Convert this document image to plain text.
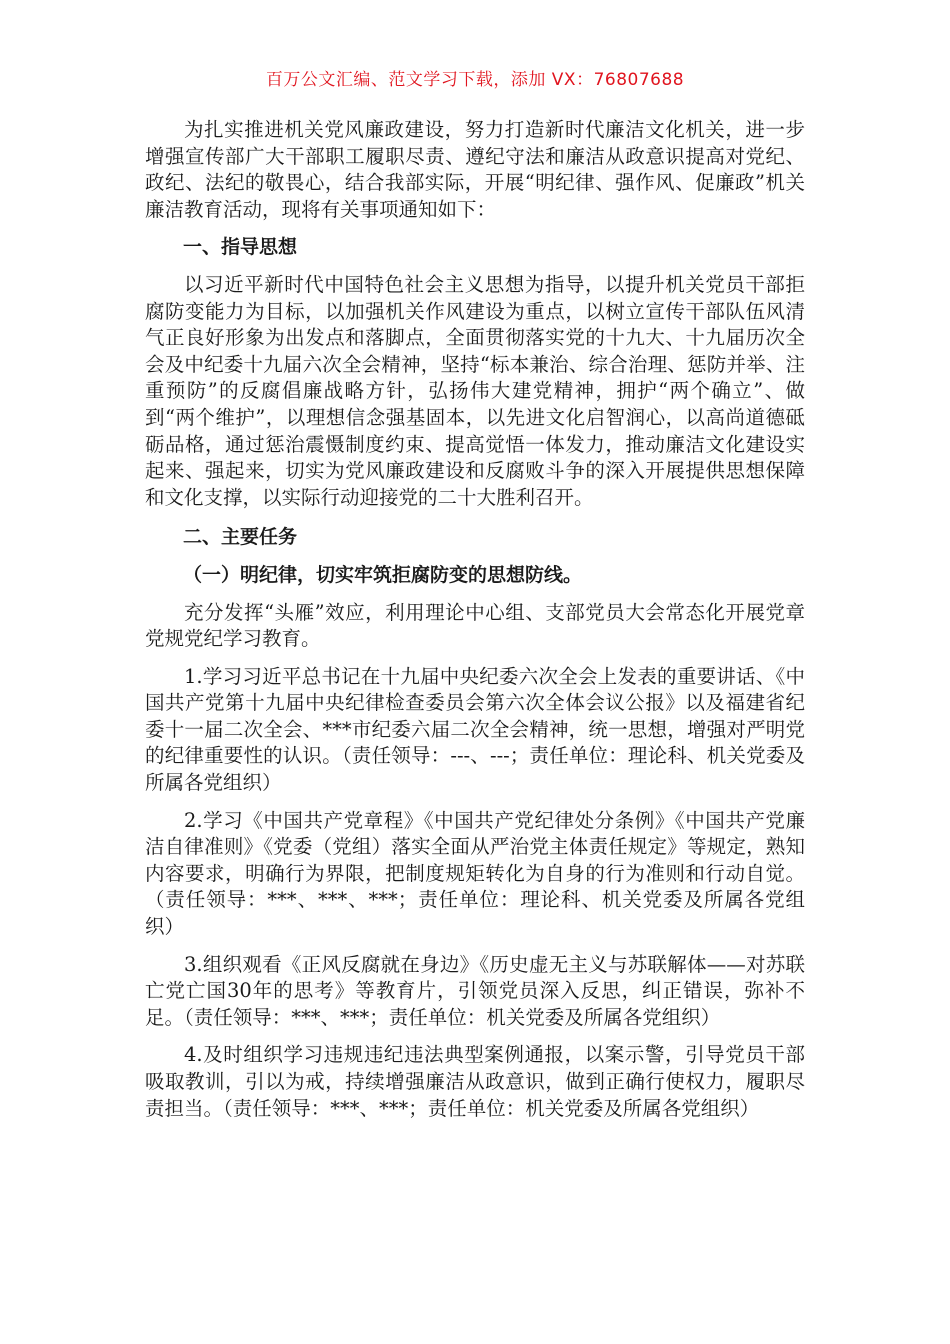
百万公文汇编、范文学习下载，添加 VX：76807688

为扎实推进机关党风廉政建设，努力打造新时代廉洁文化机关，进一步增强宣传部广大干部职工履职尽责、遵纪守法和廉洁从政意识提高对党纪、政纪、法纪的敬畏心，结合我部实际，开展“明纪律、强作风、促廉政”机关廉洁教育活动，现将有关事项通知如下：

一、指导思想

以习近平新时代中国特色社会主义思想为指导，以提升机关党员干部拒腐防变能力为目标，以加强机关作风建设为重点，以树立宣传干部队伍风清气正良好形象为出发点和落脚点，全面贯彻落实党的十九大、十九届历次全会及中纪委十九届六次全会精神，坚持“标本兼治、综合治理、惩防并举、注重预防”的反腐倡廉战略方针，弘扬伟大建党精神，拥护“两个确立”、做到“两个维护”，以理想信念强基固本，以先进文化启智润心，以高尚道德砥砺品格，通过惩治震慑制度约束、提高觉悟一体发力，推动廉洁文化建设实起来、强起来，切实为党风廉政建设和反腐败斗争的深入开展提供思想保障和文化支撑，以实际行动迎接党的二十大胜利召开。

二、主要任务

（一）明纪律，切实牢筑拒腐防变的思想防线。

充分发挥“头雁”效应，利用理论中心组、支部党员大会常态化开展党章党规党纪学习教育。

1.学习习近平总书记在十九届中央纪委六次全会上发表的重要讲话、《中国共产党第十九届中央纪律检查委员会第六次全体会议公报》以及福建省纪委十一届二次全会、***市纪委六届二次全会精神，统一思想，增强对严明党的纪律重要性的认识。（责任领导：---、---；责任单位：理论科、机关党委及所属各党组织）

2.学习《中国共产党章程》《中国共产党纪律处分条例》《中国共产党廉洁自律准则》《党委（党组）落实全面从严治党主体责任规定》等规定，熟知内容要求，明确行为界限，把制度规矩转化为自身的行为准则和行动自觉。（责任领导：***、***、***；责任单位：理论科、机关党委及所属各党组织）

3.组织观看《正风反腐就在身边》《历史虚无主义与苏联解体——对苏联亡党亡国30年的思考》等教育片，引领党员深入反思，纠正错误，弥补不足。（责任领导：***、***；责任单位：机关党委及所属各党组织）

4.及时组织学习违规违纪违法典型案例通报，以案示警，引导党员干部吸取教训，引以为戒，持续增强廉洁从政意识，做到正确行使权力，履职尽责担当。（责任领导：***、***；责任单位：机关党委及所属各党组织）
